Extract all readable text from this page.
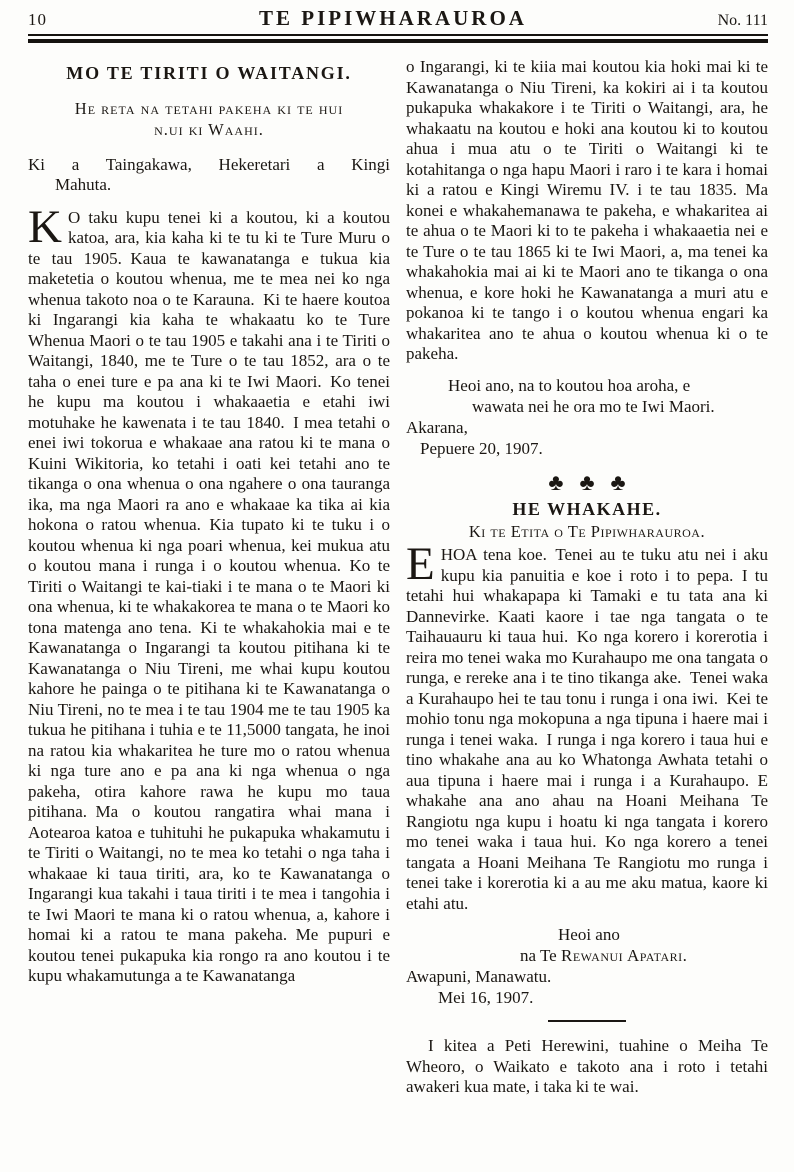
10	TE PIPIWHARAUROA	No. 111
MO TE TIRITI O WAITANGI.
He reta na tetahi pakeha ki te hui
n.ui ki Waahi.
Ki a Taingakawa, Hekeretari a Kingi
Mahuta.

K O taku kupu tenei ki a koutou, ki a koutou katoa, ara, kia kaha ki te tu ki te Ture Muru o te tau 1905. Kaua te kawanatanga e tukua kia maketetia o koutou whenua, me te mea nei ko nga whenua takoto noa o te Karauna. Ki te haere koutoa ki Ingarangi kia kaha te whakaatu ko te Ture Whenua Maori o te tau 1905 e takahi ana i te Tiriti o Waitangi, 1840, me te Ture o te tau 1852, ara o te taha o enei ture e pa ana ki te Iwi Maori. Ko tenei he kupu ma koutou i whakaaetia e etahi iwi motuhake he kawenata i te tau 1840. I mea tetahi o enei iwi tokorua e whakaae ana ratou ki te mana o Kuini Wikitoria, ko tetahi i oati kei tetahi ano te tikanga o ona whenua o ona ngahere o ona tauranga ika, ma nga Maori ra ano e whakaae ka tika ai kia hokona o ratou whenua. Kia tupato ki te tuku i o koutou whenua ki nga poari whenua, kei mukua atu o koutou mana i runga i o koutou whenua. Ko te Tiriti o Waitangi te kai-tiaki i te mana o te Maori ki ona whenua, ki te whakakorea te mana o te Maori ko tona matenga ano tena. Ki te whakahokia mai e te Kawanatanga o Ingarangi ta koutou pitihana ki te Kawanatanga o Niu Tireni, me whai kupu koutou kahore he painga o te pitihana ki te Kawanatanga o Niu Tireni, no te mea i te tau 1904 me te tau 1905 ka tukua he pitihana i tuhia e te 11,5000 tangata, he inoi na ratou kia whakaritea he ture mo o ratou whenua ki nga ture ano e pa ana ki nga whenua o nga pakeha, otira kahore rawa he kupu mo taua pitihana. Ma o koutou rangatira whai mana i Aotearoa katoa e tuhituhi he pukapuka whakamutu i te Tiriti o Waitangi, no te mea ko tetahi o nga taha i whakaae ki taua tiriti, ara, ko te Kawanatanga o Ingarangi kua takahi i taua tiriti i te mea i tangohia i te Iwi Maori te mana ki o ratou whenua, a, kahore i homai ki a ratou te mana pakeha. Me pupuri e koutou tenei pukapuka kia rongo ra ano koutou i te kupu whakamutunga a te Kawanatanga

o Ingarangi, ki te kiia mai koutou kia hoki mai ki te Kawanatanga o Niu Tireni, ka kokiri ai i ta koutou pukapuka whakakore i te Tiriti o Waitangi, ara, he whakaatu na koutou e hoki ana koutou ki to koutou ahua i mua atu o te Tiriti o Waitangi ki te kotahitanga o nga hapu Maori i raro i te kara i homai ki a ratou e Kingi Wiremu IV. i te tau 1835. Ma konei e whakahemanawa te pakeha, e whakaritea ai te ahua o te Maori ki to te pakeha i whakaaetia nei e te Ture o te tau 1865 ki te Iwi Maori, a, ma tenei ka whakahokia mai ai ki te Maori ano te tikanga o ona whenua, e kore hoki he Kawanatanga a muri atu e pokanoa ki te tango i o koutou whenua engari ka whakaritea ano te ahua o koutou whenua ki o te pakeha.

Heoi ano, na to koutou hoa aroha, e
wawata nei he ora mo te Iwi Maori.
Akarana,
Pepuere 20, 1907.
♣♣♣
HE WHAKAHE.
Ki te Etita o Te Pipiwharauroa.

EHOA tena koe. Tenei au te tuku atu nei i aku kupu kia panuitia e koe i roto i to pepa. I tu tetahi hui whakapapa ki Tamaki e tu tata ana ki Dannevirke. Kaati kaore i tae nga tangata o te Taihauauru ki taua hui. Ko nga korero i korerotia i reira mo tenei waka mo Kurahaupo me ona tangata o runga, e rereke ana i te tino tikanga ake. Tenei waka a Kurahaupo hei te tau tonu i runga i ona iwi. Kei te mohio tonu nga mokopuna a nga tipuna i haere mai i runga i tenei waka. I runga i nga korero i taua hui e tino whakahe ana au ko Whatonga Awhata tetahi o aua tipuna i haere mai i runga i a Kurahaupo. E whakahe ana ano ahau na Hoani Meihana Te Rangiotu nga kupu i hoatu ki nga tangata i korero mo tenei waka i taua hui. Ko nga korero a tenei tangata a Hoani Meihana Te Rangiotu mo runga i tenei take i korerotia ki a au me aku matua, kaore ki etahi atu.

Heoi ano
na Te Rewanui Apatari.
Awapuni, Manawatu.
Mei 16, 1907.

I kitea a Peti Herewini, tuahine o Meiha Te Wheoro, o Waikato e takoto ana i roto i tetahi awakeri kua mate, i taka ki te wai.
